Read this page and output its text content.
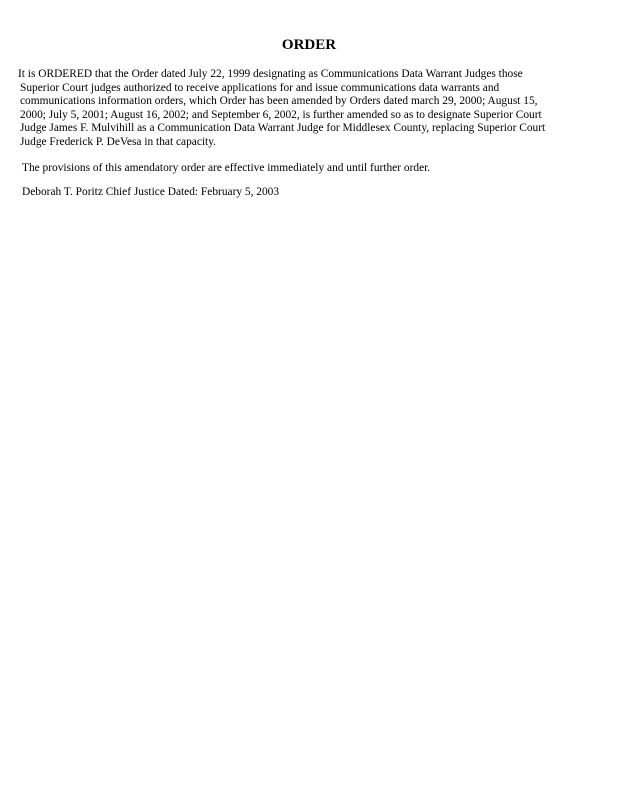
ORDER

It is ORDERED that the Order dated July 22, 1999 designating as Communications Data Warrant Judges those
Superior Court judges authorized to receive applications for and issue communications data warrants and
communications information orders, which Order has been amended by Orders dated march 29, 2000; August 15,
2000; July 5, 2001; August 16, 2002; and September 6, 2002, is further amended so as to designate Superior Court
Judge James F. Mulvihill as a Communication Data Warrant Judge for Middlesex County, replacing Superior Court
Judge Frederick P. DeVesa in that capacity.

The provisions of this amendatory order are effective immediately and until further order.

Deborah T. Poritz Chief Justice Dated: February 5, 2003
